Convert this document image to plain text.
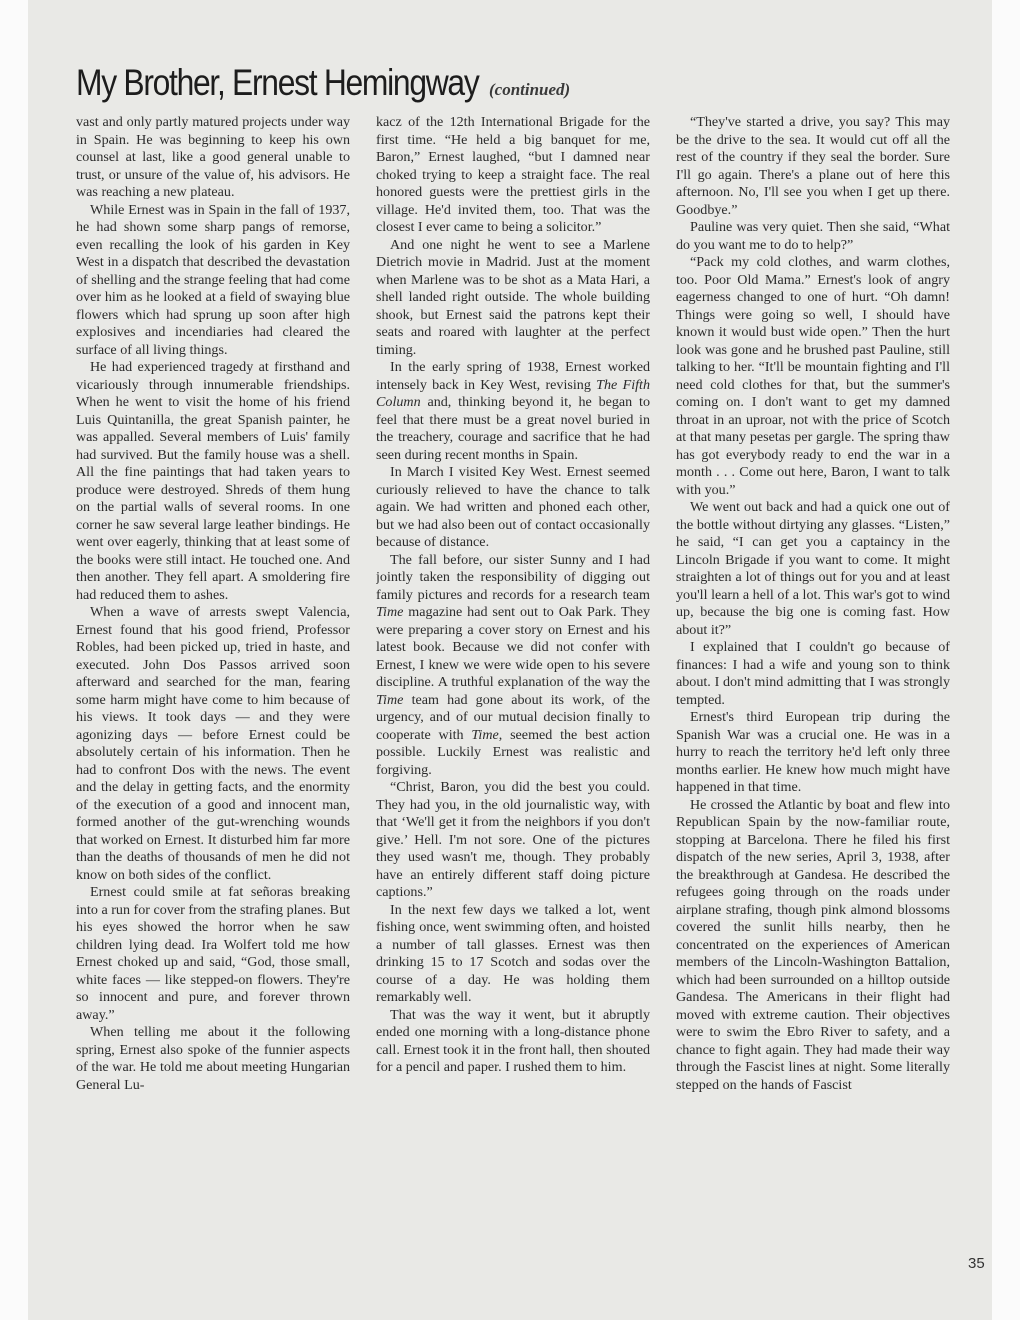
My Brother, Ernest Hemingway (continued)

vast and only partly matured projects under way in Spain. He was beginning to keep his own counsel at last, like a good general unable to trust, or unsure of the value of, his advisors. He was reaching a new plateau.

While Ernest was in Spain in the fall of 1937, he had shown some sharp pangs of remorse, even recalling the look of his garden in Key West in a dispatch that described the devastation of shelling and the strange feeling that had come over him as he looked at a field of swaying blue flowers which had sprung up soon after high explosives and incendiaries had cleared the surface of all living things.

He had experienced tragedy at firsthand and vicariously through innumerable friendships. When he went to visit the home of his friend Luis Quintanilla, the great Spanish painter, he was appalled. Several members of Luis' family had survived. But the family house was a shell. All the fine paintings that had taken years to produce were destroyed. Shreds of them hung on the partial walls of several rooms. In one corner he saw several large leather bindings. He went over eagerly, thinking that at least some of the books were still intact. He touched one. And then another. They fell apart. A smoldering fire had reduced them to ashes.

When a wave of arrests swept Valencia, Ernest found that his good friend, Professor Robles, had been picked up, tried in haste, and executed. John Dos Passos arrived soon afterward and searched for the man, fearing some harm might have come to him because of his views. It took days — and they were agonizing days — before Ernest could be absolutely certain of his information. Then he had to confront Dos with the news. The event and the delay in getting facts, and the enormity of the execution of a good and innocent man, formed another of the gut-wrenching wounds that worked on Ernest. It disturbed him far more than the deaths of thousands of men he did not know on both sides of the conflict.

Ernest could smile at fat señoras breaking into a run for cover from the strafing planes. But his eyes showed the horror when he saw children lying dead. Ira Wolfert told me how Ernest choked up and said, “God, those small, white faces — like stepped-on flowers. They're so innocent and pure, and forever thrown away.”

When telling me about it the following spring, Ernest also spoke of the funnier aspects of the war. He told me about meeting Hungarian General Lu-

kacz of the 12th International Brigade for the first time. “He held a big banquet for me, Baron,” Ernest laughed, “but I damned near choked trying to keep a straight face. The real honored guests were the prettiest girls in the village. He'd invited them, too. That was the closest I ever came to being a solicitor.”

And one night he went to see a Marlene Dietrich movie in Madrid. Just at the moment when Marlene was to be shot as a Mata Hari, a shell landed right outside. The whole building shook, but Ernest said the patrons kept their seats and roared with laughter at the perfect timing.

In the early spring of 1938, Ernest worked intensely back in Key West, revising The Fifth Column and, thinking beyond it, he began to feel that there must be a great novel buried in the treachery, courage and sacrifice that he had seen during recent months in Spain.

In March I visited Key West. Ernest seemed curiously relieved to have the chance to talk again. We had written and phoned each other, but we had also been out of contact occasionally because of distance.

The fall before, our sister Sunny and I had jointly taken the responsibility of digging out family pictures and records for a research team Time magazine had sent out to Oak Park. They were preparing a cover story on Ernest and his latest book. Because we did not confer with Ernest, I knew we were wide open to his severe discipline. A truthful explanation of the way the Time team had gone about its work, of the urgency, and of our mutual decision finally to cooperate with Time, seemed the best action possible. Luckily Ernest was realistic and forgiving.

“Christ, Baron, you did the best you could. They had you, in the old journalistic way, with that ‘We'll get it from the neighbors if you don't give.’ Hell. I'm not sore. One of the pictures they used wasn't me, though. They probably have an entirely different staff doing picture captions.”

In the next few days we talked a lot, went fishing once, went swimming often, and hoisted a number of tall glasses. Ernest was then drinking 15 to 17 Scotch and sodas over the course of a day. He was holding them remarkably well.

That was the way it went, but it abruptly ended one morning with a long-distance phone call. Ernest took it in the front hall, then shouted for a pencil and paper. I rushed them to him.

“They've started a drive, you say? This may be the drive to the sea. It would cut off all the rest of the country if they seal the border. Sure I'll go again. There's a plane out of here this afternoon. No, I'll see you when I get up there. Goodbye.”

Pauline was very quiet. Then she said, “What do you want me to do to help?”

“Pack my cold clothes, and warm clothes, too. Poor Old Mama.” Ernest's look of angry eagerness changed to one of hurt. “Oh damn! Things were going so well, I should have known it would bust wide open.” Then the hurt look was gone and he brushed past Pauline, still talking to her. “It'll be mountain fighting and I'll need cold clothes for that, but the summer's coming on. I don't want to get my damned throat in an uproar, not with the price of Scotch at that many pesetas per gargle. The spring thaw has got everybody ready to end the war in a month . . . Come out here, Baron, I want to talk with you.”

We went out back and had a quick one out of the bottle without dirtying any glasses. “Listen,” he said, “I can get you a captaincy in the Lincoln Brigade if you want to come. It might straighten a lot of things out for you and at least you'll learn a hell of a lot. This war's got to wind up, because the big one is coming fast. How about it?”

I explained that I couldn't go because of finances: I had a wife and young son to think about. I don't mind admitting that I was strongly tempted.

Ernest's third European trip during the Spanish War was a crucial one. He was in a hurry to reach the territory he'd left only three months earlier. He knew how much might have happened in that time.

He crossed the Atlantic by boat and flew into Republican Spain by the now-familiar route, stopping at Barcelona. There he filed his first dispatch of the new series, April 3, 1938, after the breakthrough at Gandesa. He described the refugees going through on the roads under airplane strafing, though pink almond blossoms covered the sunlit hills nearby, then he concentrated on the experiences of American members of the Lincoln-Washington Battalion, which had been surrounded on a hilltop outside Gandesa. The Americans in their flight had moved with extreme caution. Their objectives were to swim the Ebro River to safety, and a chance to fight again. They had made their way through the Fascist lines at night. Some literally stepped on the hands of Fascist

35
